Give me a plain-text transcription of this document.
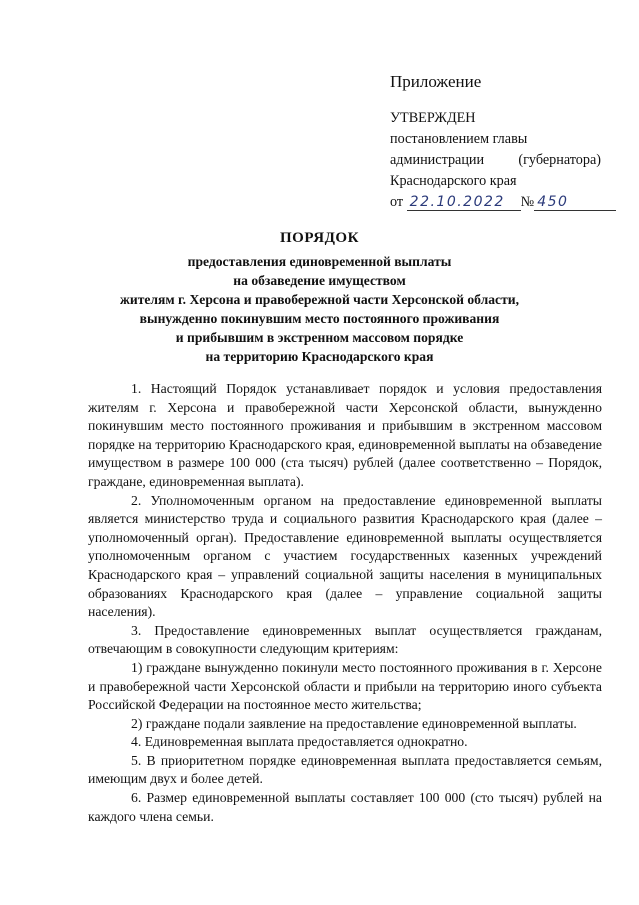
Приложение
УТВЕРЖДЕН
постановлением главы
администрации (губернатора)
Краснодарского края
от
22.10.2022	№ 450
ПОРЯДОК
предоставления единовременной выплаты
на обзаведение имуществом
жителям г. Херсона и правобережной части Херсонской области,
вынужденно покинувшим место постоянного проживания
и прибывшим в экстренном массовом порядке
на территорию Краснодарского края

1. Настоящий Порядок устанавливает порядок и условия предоставления жителям г. Херсона и правобережной части Херсонской области, вынужденно покинувшим место постоянного проживания и прибывшим в экстренном массовом порядке на территорию Краснодарского края, единовременной выплаты на обзаведение имуществом в размере 100 000 (ста тысяч) рублей (далее соответственно – Порядок, граждане, единовременная выплата).

2. Уполномоченным органом на предоставление единовременной выплаты является министерство труда и социального развития Краснодарского края (далее – уполномоченный орган). Предоставление единовременной выплаты осуществляется уполномоченным органом с участием государственных казенных учреждений Краснодарского края – управлений социальной защиты населения в муниципальных образованиях Краснодарского края (далее – управление социальной защиты населения).

3. Предоставление единовременных выплат осуществляется гражданам, отвечающим в совокупности следующим критериям:

1) граждане вынужденно покинули место постоянного проживания в г. Херсоне и правобережной части Херсонской области и прибыли на территорию иного субъекта Российской Федерации на постоянное место жительства;

2) граждане подали заявление на предоставление единовременной выплаты.

4. Единовременная выплата предоставляется однократно.

5. В приоритетном порядке единовременная выплата предоставляется семьям, имеющим двух и более детей.

6. Размер единовременной выплаты составляет 100 000 (сто тысяч) рублей на каждого члена семьи.
